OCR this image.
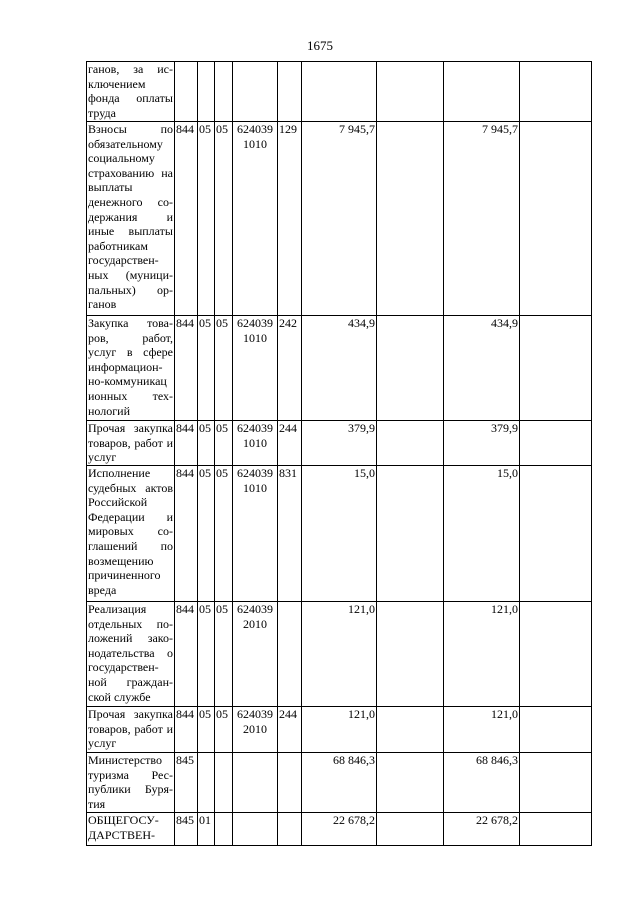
1675
ганов, за ис-ключением фонда оплаты труда									
Взносы по обязательному социальному страхованию на выплаты денежного со-держания и иные выплаты работникам государствен-ных (муници-пальных) ор-ганов	844	05	05	624039 1010	129	7 945,7		7 945,7	
Закупка това-ров, работ, услуг в сфере информацион-но-коммуникац ионных тех-нологий	844	05	05	624039 1010	242	434,9		434,9	
Прочая закупка товаров, работ и услуг	844	05	05	624039 1010	244	379,9		379,9	
Исполнение судебных актов Российской Федерации и мировых со-глашений по возмещению причиненного вреда	844	05	05	624039 1010	831	15,0		15,0	
Реализация отдельных по-ложений зако-нодательства о государствен-ной граждан-ской службе	844	05	05	624039 2010		121,0		121,0	
Прочая закупка товаров, работ и услуг	844	05	05	624039 2010	244	121,0		121,0	
Министерство туризма Рес-публики Буря-тия	845					68 846,3		68 846,3	
ОБЩЕГОСУ-ДАРСТВЕН-	845	01				22 678,2		22 678,2	
